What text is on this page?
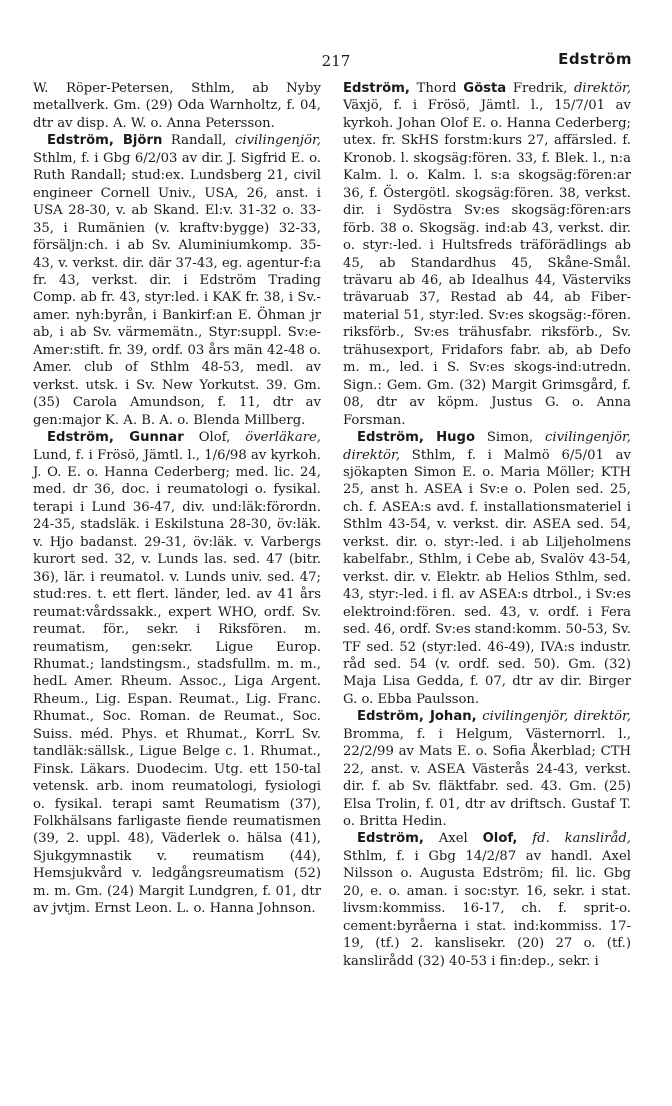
217	Edström

W. Röper-Petersen, Sthlm, ab Nyby metallverk. Gm. (29) Oda Warnholtz, f. 04, dtr av disp. A. W. o. Anna Petersson.

Edström, Björn Randall, civilingenjör, Sthlm, f. i Gbg 6/2/03 av dir. J. Sigfrid E. o. Ruth Randall; stud:ex. Lundsberg 21, civil engineer Cornell Univ., USA, 26, anst. i USA 28-30, v. ab Skand. El:v. 31-32 o. 33-35, i Rumänien (v. kraftv:bygge) 32-33, försäljn:ch. i ab Sv. Aluminiumkomp. 35-43, v. verkst. dir. där 37-43, eg. agentur-f:a fr. 43, verkst. dir. i Edström Trading Comp. ab fr. 43, styr:led. i KAK fr. 38, i Sv.-amer. nyh:byrån, i Bankirf:an E. Öhman jr ab, i ab Sv. värmemätn., Styr:suppl. Sv:e-Amer:stift. fr. 39, ordf. 03 års män 42-48 o. Amer. club of Sthlm 48-53, medl. av verkst. utsk. i Sv. New Yorkutst. 39. Gm. (35) Carola Amundson, f. 11, dtr av gen:major K. A. B. A. o. Blenda Millberg.

Edström, Gunnar Olof, överläkare, Lund, f. i Frösö, Jämtl. l., 1/6/98 av kyrkoh. J. O. E. o. Hanna Cederberg; med. lic. 24, med. dr 36, doc. i reumatologi o. fysikal. terapi i Lund 36-47, div. und:läk:förordn. 24-35, stadsläk. i Eskilstuna 28-30, öv:läk. v. Hjo badanst. 29-31, öv:läk. v. Varbergs kurort sed. 32, v. Lunds las. sed. 47 (bitr. 36), lär. i reumatol. v. Lunds univ. sed. 47; stud:res. t. ett flert. länder, led. av 41 års reumat:vårdssakk., expert WHO, ordf. Sv. reumat. för., sekr. i Riksfören. m. reumatism, gen:sekr. Ligue Europ. Rhumat.; landstingsm., stadsfullm. m. m., hedL Amer. Rheum. Assoc., Liga Argent. Rheum., Lig. Espan. Reumat., Lig. Franc. Rhumat., Soc. Roman. de Reumat., Soc. Suiss. méd. Phys. et Rhumat., KorrL Sv. tandläk:sällsk., Ligue Belge c. 1. Rhumat., Finsk. Läkars. Duodecim. Utg. ett 150-tal vetensk. arb. inom reumatologi, fysiologi o. fysikal. terapi samt Reumatism (37), Folkhälsans farligaste fiende reumatismen (39, 2. uppl. 48), Väderlek o. hälsa (41), Sjukgymnastik v. reumatism (44), Hemsjukvård v. ledgångsreumatism (52) m. m. Gm. (24) Margit Lundgren, f. 01, dtr av jvtjm. Ernst Leon. L. o. Hanna Johnson.

Edström, Thord Gösta Fredrik, direktör, Växjö, f. i Frösö, Jämtl. l., 15/7/01 av kyrkoh. Johan Olof E. o. Hanna Cederberg; utex. fr. SkHS forstm:kurs 27, affärsled. f. Kronob. l. skogsäg:fören. 33, f. Blek. l., n:a Kalm. l. o. Kalm. l. s:a skogsäg:fören:ar 36, f. Östergötl. skogsäg:fören. 38, verkst. dir. i Sydöstra Sv:es skogsäg:fören:ars förb. 38 o. Skogsäg. ind:ab 43, verkst. dir. o. styr:-led. i Hultsfreds träförädlings ab 45, ab Standardhus 45, Skåne-Smål. trävaru ab 46, ab Idealhus 44, Västerviks trävaruab 37, Restad ab 44, ab Fiber-material 51, styr:led. Sv:es skogsäg:-fören. riksförb., Sv:es trähusfabr. riksförb., Sv. trähusexport, Fridafors fabr. ab, ab Defo m. m., led. i S. Sv:es skogs-ind:utredn. Sign.: Gem. Gm. (32) Margit Grimsgård, f. 08, dtr av köpm. Justus G. o. Anna Forsman.

Edström, Hugo Simon, civilingenjör, direktör, Sthlm, f. i Malmö 6/5/01 av sjökapten Simon E. o. Maria Möller; KTH 25, anst h. ASEA i Sv:e o. Polen sed. 25, ch. f. ASEA:s avd. f. installationsmateriel i Sthlm 43-54, v. verkst. dir. ASEA sed. 54, verkst. dir. o. styr:-led. i ab Liljeholmens kabelfabr., Sthlm, i Cebe ab, Svalöv 43-54, verkst. dir. v. Elektr. ab Helios Sthlm, sed. 43, styr:-led. i fl. av ASEA:s dtrbol., i Sv:es elektroind:fören. sed. 43, v. ordf. i Fera sed. 46, ordf. Sv:es stand:komm. 50-53, Sv. TF sed. 52 (styr:led. 46-49), IVA:s industr. råd sed. 54 (v. ordf. sed. 50). Gm. (32) Maja Lisa Gedda, f. 07, dtr av dir. Birger G. o. Ebba Paulsson.

Edström, Johan, civilingenjör, direktör, Bromma, f. i Helgum, Västernorrl. l., 22/2/99 av Mats E. o. Sofia Åkerblad; CTH 22, anst. v. ASEA Västerås 24-43, verkst. dir. f. ab Sv. fläktfabr. sed. 43. Gm. (25) Elsa Trolin, f. 01, dtr av driftsch. Gustaf T. o. Britta Hedin.

Edström, Axel Olof, fd. kansliråd, Sthlm, f. i Gbg 14/2/87 av handl. Axel Nilsson o. Augusta Edström; fil. lic. Gbg 20, e. o. aman. i soc:styr. 16, sekr. i stat. livsm:kommiss. 16-17, ch. f. sprit-o. cement:byråerna i stat. ind:kommiss. 17-19, (tf.) 2. kanslisekr. (20) 27 o. (tf.) kanslirådd (32) 40-53 i fin:dep., sekr. i
